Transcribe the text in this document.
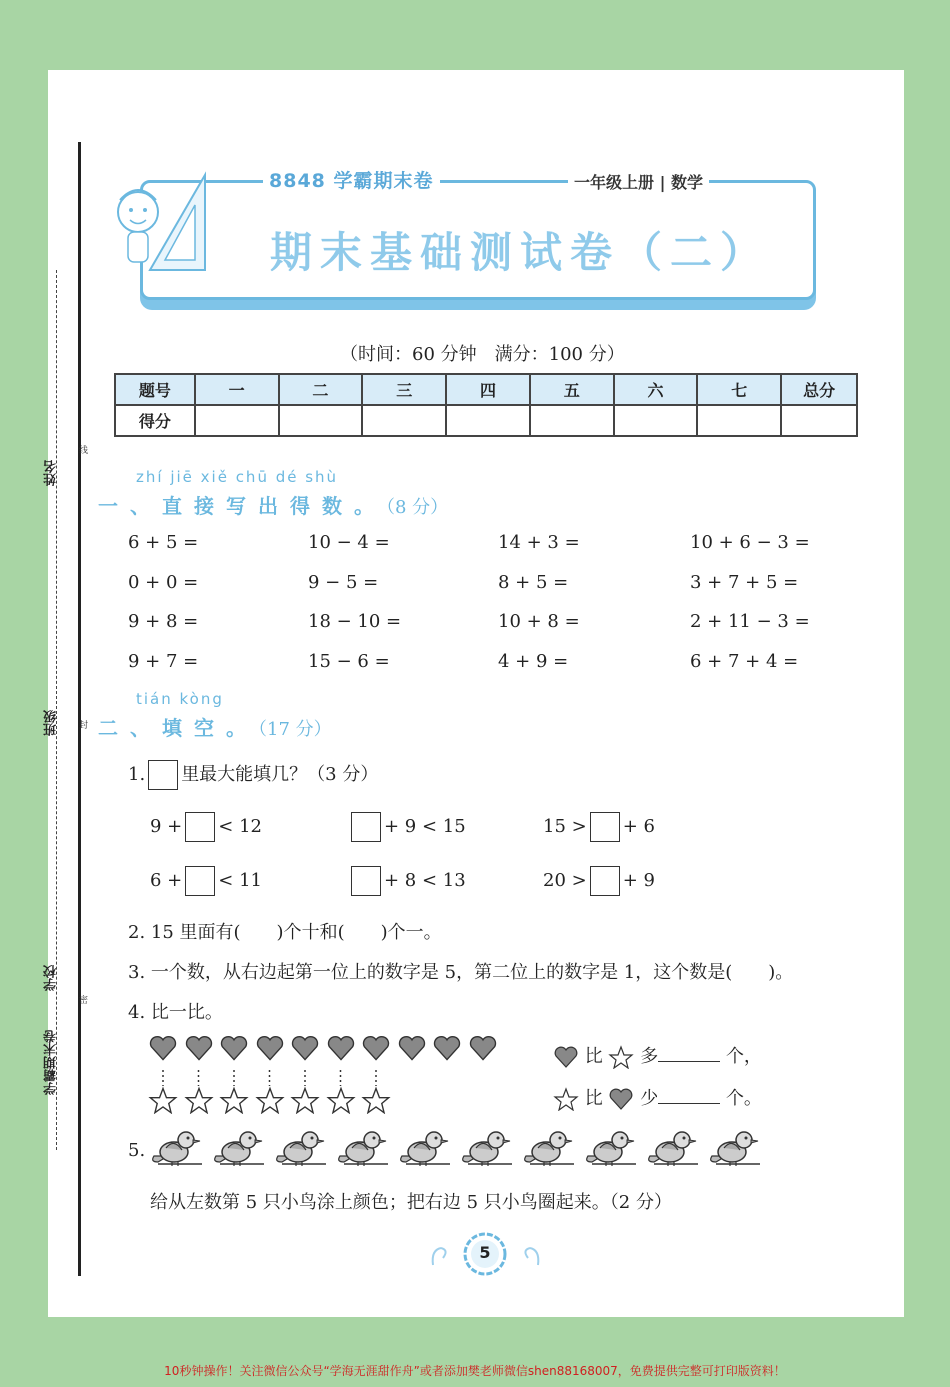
姓名
班级
学校
学霸期末卷
线
封
密
8848 学霸期末卷	一年级上册 | 数学
期末基础测试卷（二）
（时间：60 分钟　满分：100 分）
题号	一	二	三	四	五	六	七	总分
得分								
zhí jiē xiě chū dé shù
一、直接写出得数。（8 分）
6 + 5 =	10 − 4 =	14 + 3 =	10 + 6 − 3 =
0 + 0 =	9 − 5 =	8 + 5 =	3 + 7 + 5 =
9 + 8 =	18 − 10 =	10 + 8 =	2 + 11 − 3 =
9 + 7 =	15 − 6 =	4 + 9 =	6 + 7 + 4 =
tián kòng
二、填空。（17 分）
1. 里最大能填几？（3 分）
9 + < 12	+ 9 < 15	15 > + 6
6 + < 11	+ 8 < 13	20 > + 9
2. 15 里面有(　　)个十和(　　)个一。
3. 一个数，从右边起第一位上的数字是 5，第二位上的数字是 1，这个数是(　　)。
4. 比一比。
比 多	个，
比 少	个。
5.
给从左数第 5 只小鸟涂上颜色；把右边 5 只小鸟圈起来。（2 分）
5
10秒钟操作！关注微信公众号“学海无涯甜作舟”或者添加樊老师微信shen88168007，免费提供完整可打印版资料！
